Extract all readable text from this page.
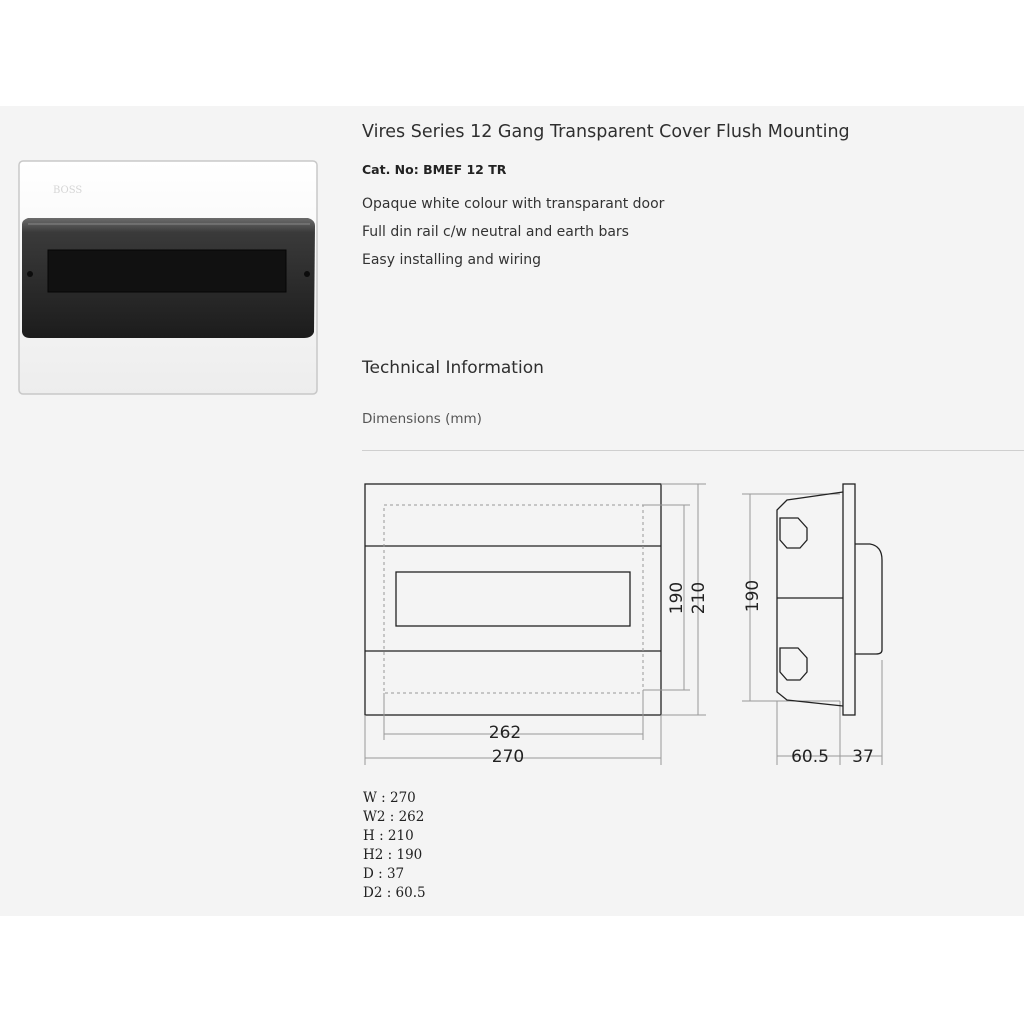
BOSS
Vires Series 12 Gang Transparent Cover Flush Mounting
Cat. No: BMEF 12 TR
Opaque white colour with transparant door
Full din rail c/w neutral and earth bars
Easy installing and wiring
Technical Information
Dimensions (mm)
262
270
190 210 190
60.5 37
W : 270
W2 : 262
H : 210
H2 : 190
D : 37
D2 : 60.5
